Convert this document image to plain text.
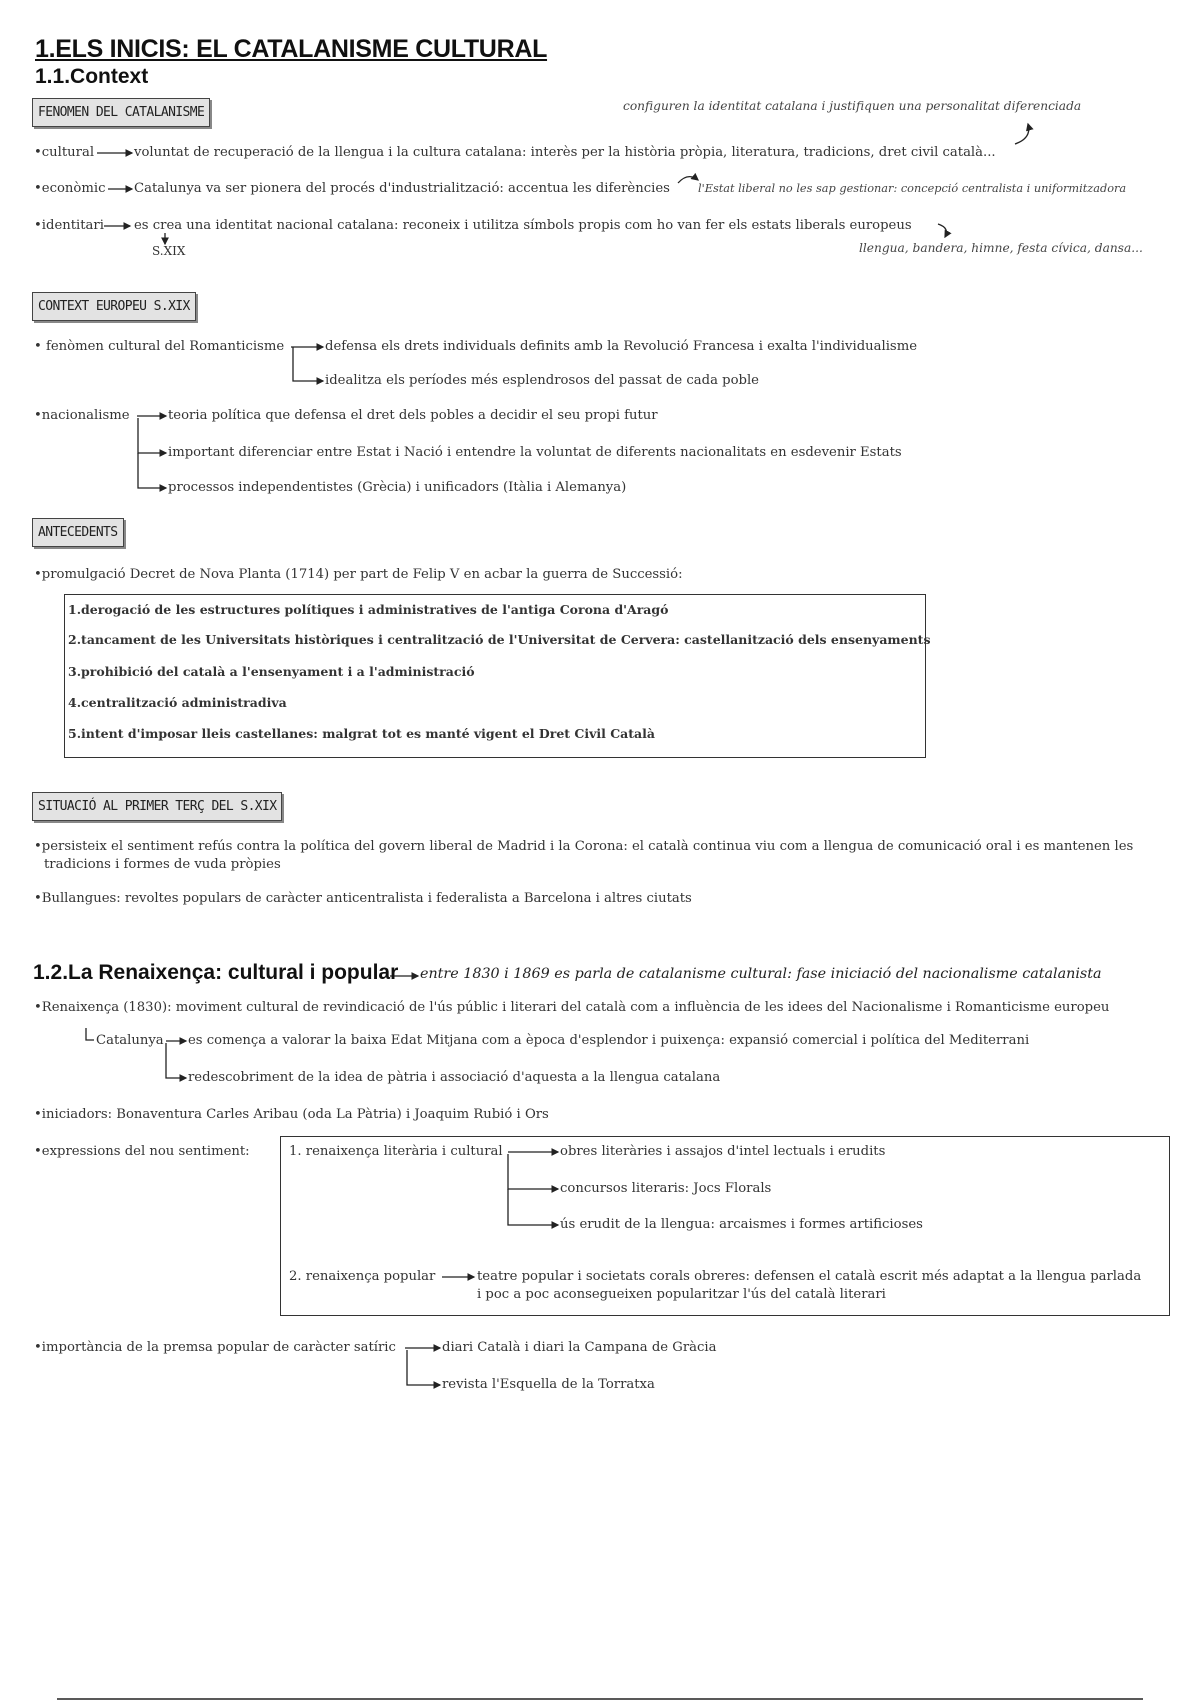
1.ELS INICIS: EL CATALANISME CULTURAL
1.1.Context
FENOMEN DEL CATALANISME	configuren la identitat catalana i justifiquen una personalitat diferenciada
•cultural	voluntat de recuperació de la llengua i la cultura catalana: interès per la història pròpia, literatura, tradicions, dret civil català...
•econòmic Catalunya va ser pionera del procés d'industrialització: accentua les diferències l'Estat liberal no les sap gestionar: concepció centralista i uniformitzadora
•identitari es crea una identitat nacional catalana: reconeix i utilitza símbols propis com ho van fer els estats liberals europeus
S.XIX	llengua, bandera, himne, festa cívica, dansa...
CONTEXT EUROPEU S.XIX
• fenòmen cultural del Romanticisme	defensa els drets individuals definits amb la Revolució Francesa i exalta l'individualisme
idealitza els períodes més esplendrosos del passat de cada poble
•nacionalisme	teoria política que defensa el dret dels pobles a decidir el seu propi futur
important diferenciar entre Estat i Nació i entendre la voluntat de diferents nacionalitats en esdevenir Estats
processos independentistes (Grècia) i unificadors (Itàlia i Alemanya)
ANTECEDENTS
•promulgació Decret de Nova Planta (1714) per part de Felip V en acbar la guerra de Successió:
1.derogació de les estructures polítiques i administratives de l'antiga Corona d'Aragó
2.tancament de les Universitats històriques i centralització de l'Universitat de Cervera: castellanització dels ensenyaments
3.prohibició del català a l'ensenyament i a l'administració
4.centralització administradiva
5.intent d'imposar lleis castellanes: malgrat tot es manté vigent el Dret Civil Català
SITUACIÓ AL PRIMER TERÇ DEL S.XIX
•persisteix el sentiment refús contra la política del govern liberal de Madrid i la Corona: el català continua viu com a llengua de comunicació oral i es mantenen les
tradicions i formes de vuda pròpies
•Bullangues: revoltes populars de caràcter anticentralista i federalista a Barcelona i altres ciutats
1.2.La Renaixença: cultural i popular entre 1830 i 1869 es parla de catalanisme cultural: fase iniciació del nacionalisme catalanista
•Renaixença (1830): moviment cultural de revindicació de l'ús públic i literari del català com a influència de les idees del Nacionalisme i Romanticisme europeu
Catalunya es comença a valorar la baixa Edat Mitjana com a època d'esplendor i puixença: expansió comercial i política del Mediterrani
redescobriment de la idea de pàtria i associació d'aquesta a la llengua catalana
•iniciadors: Bonaventura Carles Aribau (oda La Pàtria) i Joaquim Rubió i Ors
•expressions del nou sentiment:	1. renaixença literària i cultural	obres literàries i assajos d'intel lectuals i erudits
concursos literaris: Jocs Florals
ús erudit de la llengua: arcaismes i formes artificioses
2. renaixença popular	teatre popular i societats corals obreres: defensen el català escrit més adaptat a la llengua parlada
i poc a poc aconsegueixen popularitzar l'ús del català literari
•importància de la premsa popular de caràcter satíric	diari Català i diari la Campana de Gràcia
revista l'Esquella de la Torratxa
